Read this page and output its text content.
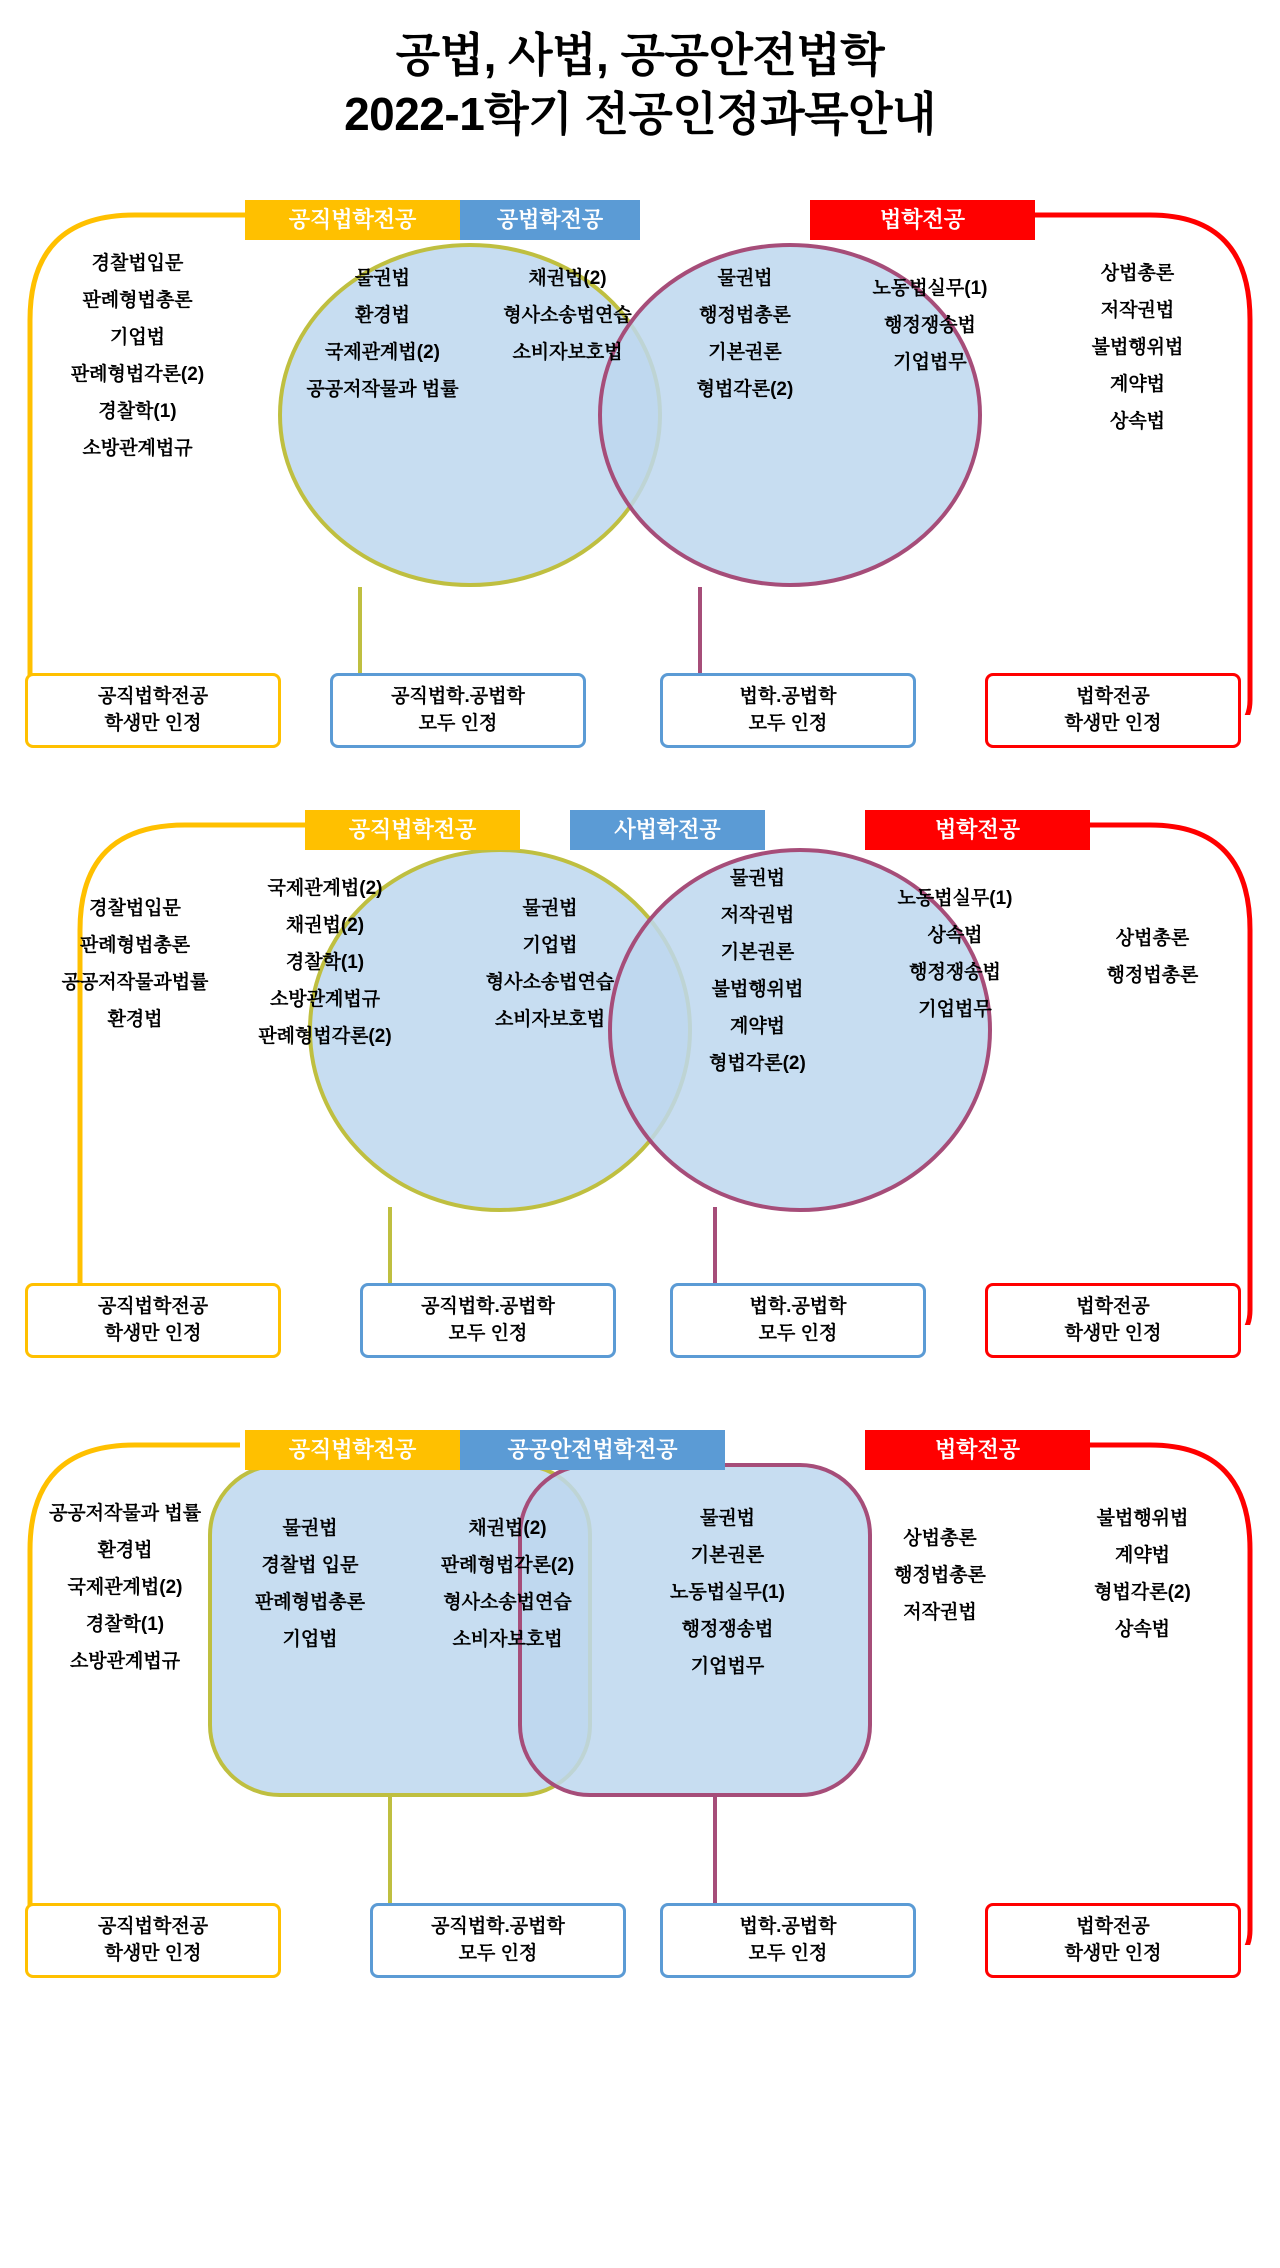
공법, 사법, 공공안전법학
2022-1학기 전공인정과목안내
공직법학전공	공법학전공	법학전공
경찰법입문
판례형법총론
기업법
판례형법각론(2)
경찰학(1)
소방관계법규
물권법
환경법
국제관계법(2)
공공저작물과 법률
채권법(2)
형사소송법연습
소비자보호법
물권법
행정법총론
기본권론
형법각론(2)
노동법실무(1)
행정쟁송법
기업법무
상법총론
저작권법
불법행위법
계약법
상속법
공직법학전공
학생만 인정
공직법학.공법학
모두 인정
법학.공법학
모두 인정
법학전공
학생만 인정
공직법학전공	사법학전공	법학전공
경찰법입문
판례형법총론
공공저작물과법률
환경법
국제관계법(2)
채권법(2)
경찰학(1)
소방관계법규
판례형법각론(2)
물권법
기업법
형사소송법연습
소비자보호법
물권법
저작권법
기본권론
불법행위법
계약법
형법각론(2)
노동법실무(1)
상속법
행정쟁송법
기업법무
상법총론
행정법총론
공직법학전공
학생만 인정
공직법학.공법학
모두 인정
법학.공법학
모두 인정
법학전공
학생만 인정
공직법학전공	공공안전법학전공	법학전공
공공저작물과 법률
환경법
국제관계법(2)
경찰학(1)
소방관계법규
물권법
경찰법 입문
판례형법총론
기업법
채권법(2)
판례형법각론(2)
형사소송법연습
소비자보호법
물권법
기본권론
노동법실무(1)
행정쟁송법
기업법무
상법총론
행정법총론
저작권법
불법행위법
계약법
형법각론(2)
상속법
공직법학전공
학생만 인정
공직법학.공법학
모두 인정
법학.공법학
모두 인정
법학전공
학생만 인정
